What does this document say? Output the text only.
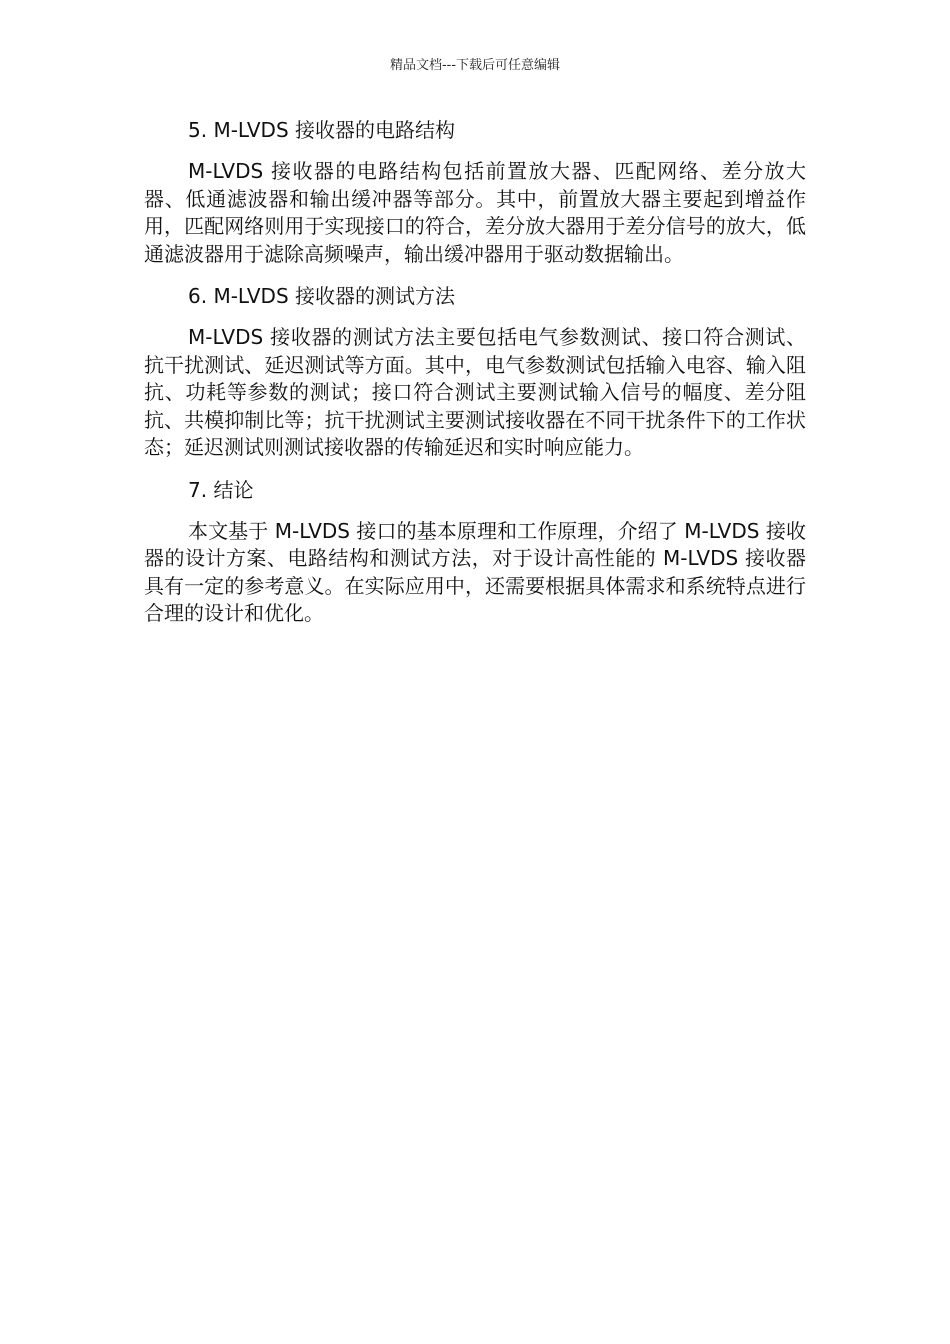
精品文档---下载后可任意编辑
5. M-LVDS 接收器的电路结构

M-LVDS 接收器的电路结构包括前置放大器、匹配网络、差分放大器、低通滤波器和输出缓冲器等部分。其中，前置放大器主要起到增益作用，匹配网络则用于实现接口的符合，差分放大器用于差分信号的放大，低通滤波器用于滤除高频噪声，输出缓冲器用于驱动数据输出。

6. M-LVDS 接收器的测试方法

M-LVDS 接收器的测试方法主要包括电气参数测试、接口符合测试、抗干扰测试、延迟测试等方面。其中，电气参数测试包括输入电容、输入阻抗、功耗等参数的测试；接口符合测试主要测试输入信号的幅度、差分阻抗、共模抑制比等；抗干扰测试主要测试接收器在不同干扰条件下的工作状态；延迟测试则测试接收器的传输延迟和实时响应能力。

7. 结论

本文基于 M-LVDS 接口的基本原理和工作原理，介绍了 M-LVDS 接收器的设计方案、电路结构和测试方法，对于设计高性能的 M-LVDS 接收器具有一定的参考意义。在实际应用中，还需要根据具体需求和系统特点进行合理的设计和优化。
